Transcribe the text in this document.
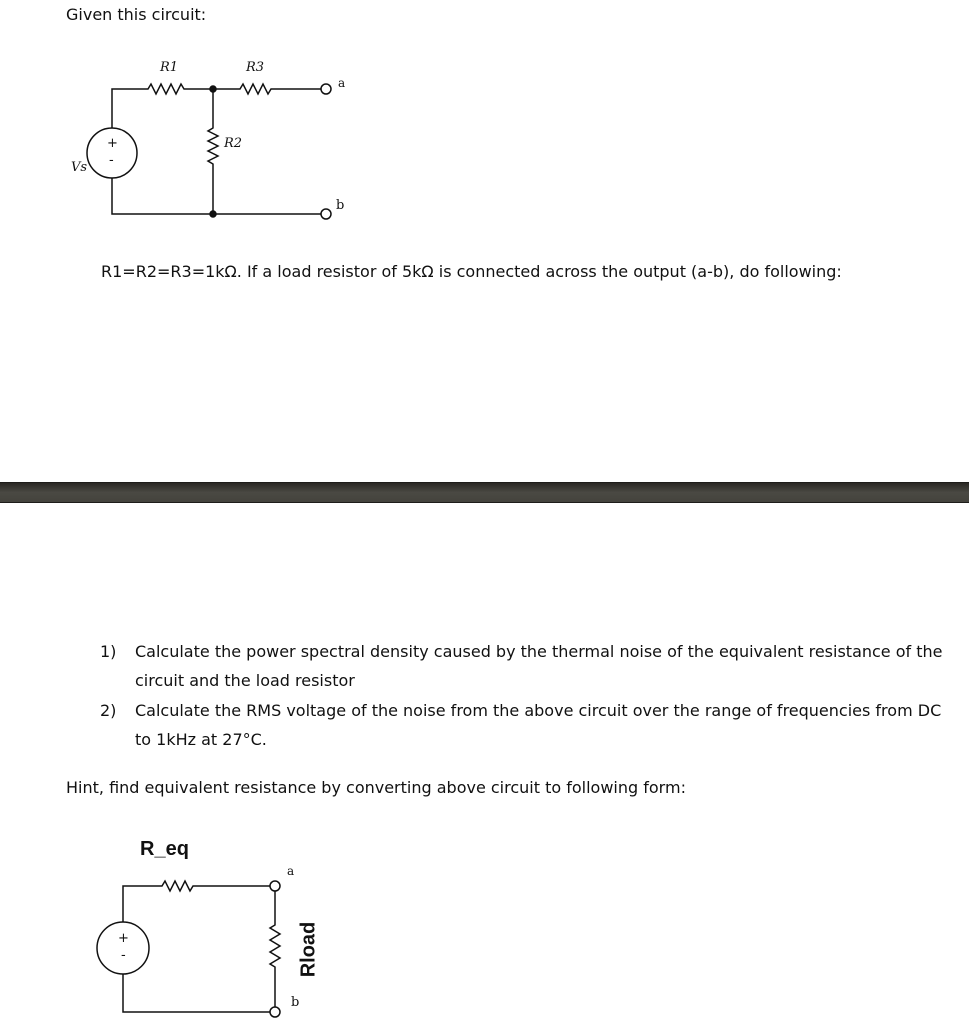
Given this circuit:
R1	R3
R2
Vs
+
-
a
b
R1=R2=R3=1kΩ. If a load resistor of 5kΩ is connected across the output (a-b), do following:
1) Calculate the power spectral density caused by the thermal noise of the equivalent resistance of the circuit and the load resistor
2) Calculate the RMS voltage of the noise from the above circuit over the range of frequencies from DC to 1kHz at 27°C.
Hint, find equivalent resistance by converting above circuit to following form:
R_eq
Rload
+
-
a
b
